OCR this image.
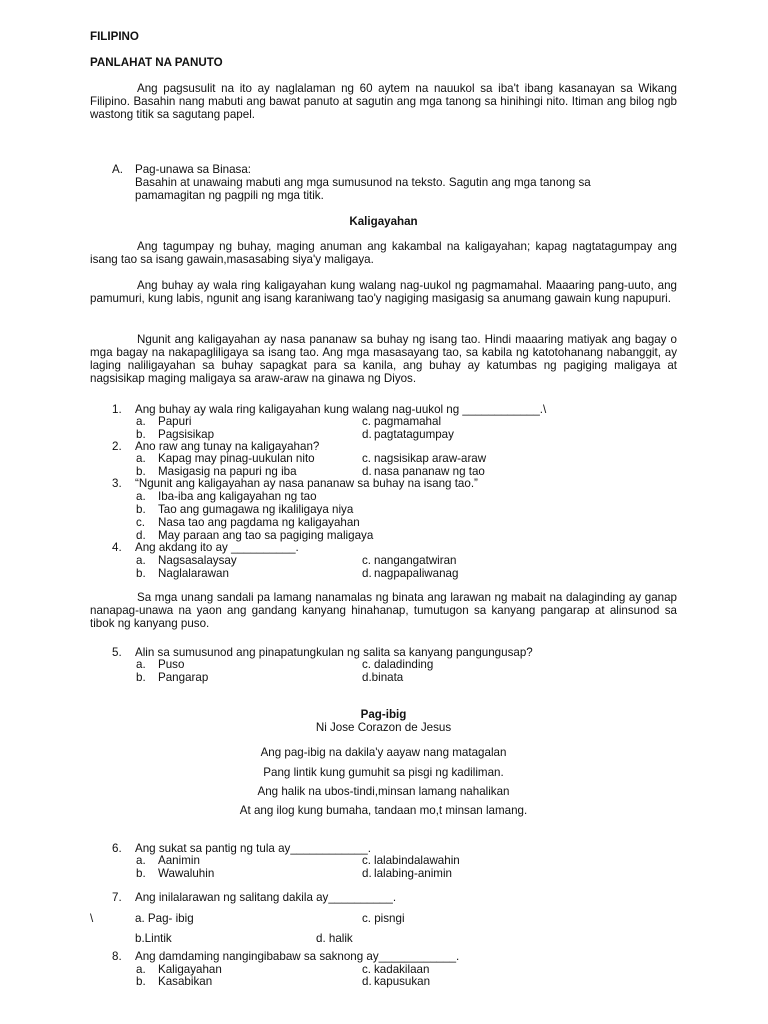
FILIPINO
PANLAHAT NA PANUTO
Ang pagsusulit na ito ay naglalaman ng 60 aytem na nauukol sa iba't ibang kasanayan sa Wikang Filipino. Basahin nang mabuti ang bawat panuto at sagutin ang mga tanong sa hinihingi nito. Itiman ang bilog ngb wastong titik sa sagutang papel.
A. Pag-unawa sa Binasa:
Basahin at unawaing mabuti ang mga sumusunod na teksto. Sagutin ang mga tanong sa pamamagitan ng pagpili ng mga titik.
Kaligayahan
Ang tagumpay ng buhay, maging anuman ang kakambal na kaligayahan; kapag nagtatagumpay ang isang tao sa isang gawain,masasabing siya'y maligaya.
Ang buhay ay wala ring kaligayahan kung walang nag-uukol ng pagmamahal. Maaaring pang-uuto, ang pamumuri, kung labis, ngunit ang isang karaniwang tao'y nagiging masigasig sa anumang gawain kung napupuri.
Ngunit ang kaligayahan ay nasa pananaw sa buhay ng isang tao. Hindi maaaring matiyak ang bagay o mga bagay na nakapagliligaya sa isang tao. Ang mga masasayang tao, sa kabila ng katotohanang nabanggit, ay laging naliligayahan sa buhay sapagkat para sa kanila, ang buhay ay katumbas ng pagiging maligaya at nagsisikap maging maligaya sa araw-araw na ginawa ng Diyos.
1.	Ang buhay ay wala ring kaligayahan kung walang nag-uukol ng ____________.\
a. Papuri	c. pagmamahal
b. Pagsisikap	d. pagtatagumpay
2.	Ano raw ang tunay na kaligayahan?
a. Kapag may pinag-uukulan nito	c. nagsisikap araw-araw
b. Masigasig na papuri ng iba	d. nasa pananaw ng tao
3.	“Ngunit ang kaligayahan ay nasa pananaw sa buhay na isang tao.”
a. Iba-iba ang kaligayahan ng tao
b. Tao ang gumagawa ng ikaliligaya niya
c. Nasa tao ang pagdama ng kaligayahan
d. May paraan ang tao sa pagiging maligaya
4.	Ang akdang ito ay __________.
a. Nagsasalaysay	c. nangangatwiran
b. Naglalarawan	d. nagpapaliwanag
Sa mga unang sandali pa lamang nanamalas ng binata ang larawan ng mabait na dalaginding ay ganap nanapag-unawa na yaon ang gandang kanyang hinahanap, tumutugon sa kanyang pangarap at alinsunod sa tibok ng kanyang puso.
5.	Alin sa sumusunod ang pinapatungkulan ng salita sa kanyang pangungusap?
a. Puso	c. daladinding
b. Pangarap	d.binata
Pag-ibig
Ni Jose Corazon de Jesus
Ang pag-ibig na dakila'y aayaw nang matagalan
Pang lintik kung gumuhit sa pisgi ng kadiliman.
Ang halik na ubos-tindi,minsan lamang nahalikan
At ang ilog kung bumaha, tandaan mo,t minsan lamang.
6.	Ang sukat sa pantig ng tula ay____________.
a. Aanimin	c. lalabindalawahin
b. Wawaluhin	d. lalabing-animin
7.	Ang inilalarawan ng salitang dakila ay__________.
\	a. Pag- ibig	c. pisngi
b.Lintik	d. halik
8.	Ang damdaming nangingibabaw sa saknong ay____________.
a. Kaligayahan	c. kadakilaan
b. Kasabikan	d. kapusukan
